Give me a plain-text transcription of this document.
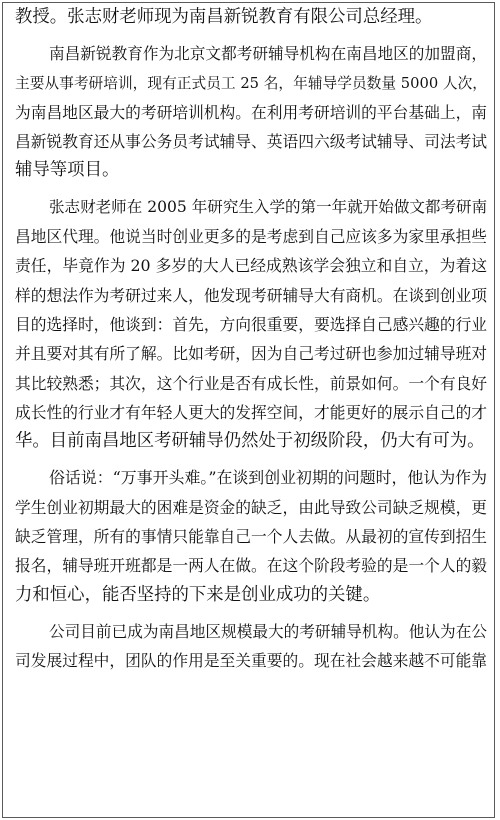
教授。张志财老师现为南昌新锐教育有限公司总经理。
南昌新锐教育作为北京文都考研辅导机构在南昌地区的加盟商，
主要从事考研培训，现有正式员工 25 名，年辅导学员数量 5000 人次，
为南昌地区最大的考研培训机构。在利用考研培训的平台基础上，南
昌新锐教育还从事公务员考试辅导、英语四六级考试辅导、司法考试
辅导等项目。
张志财老师在 2005 年研究生入学的第一年就开始做文都考研南
昌地区代理。他说当时创业更多的是考虑到自己应该多为家里承担些
责任，毕竟作为 20 多岁的大人已经成熟该学会独立和自立，为着这
样的想法作为考研过来人，他发现考研辅导大有商机。在谈到创业项
目的选择时，他谈到：首先，方向很重要，要选择自己感兴趣的行业
并且要对其有所了解。比如考研，因为自己考过研也参加过辅导班对
其比较熟悉；其次，这个行业是否有成长性，前景如何。一个有良好
成长性的行业才有年轻人更大的发挥空间，才能更好的展示自己的才
华。目前南昌地区考研辅导仍然处于初级阶段，仍大有可为。
俗话说：“万事开头难。”在谈到创业初期的问题时，他认为作为
学生创业初期最大的困难是资金的缺乏，由此导致公司缺乏规模，更
缺乏管理，所有的事情只能靠自己一个人去做。从最初的宣传到招生
报名，辅导班开班都是一两人在做。在这个阶段考验的是一个人的毅
力和恒心，能否坚持的下来是创业成功的关键。
公司目前已成为南昌地区规模最大的考研辅导机构。他认为在公
司发展过程中，团队的作用是至关重要的。现在社会越来越不可能靠
